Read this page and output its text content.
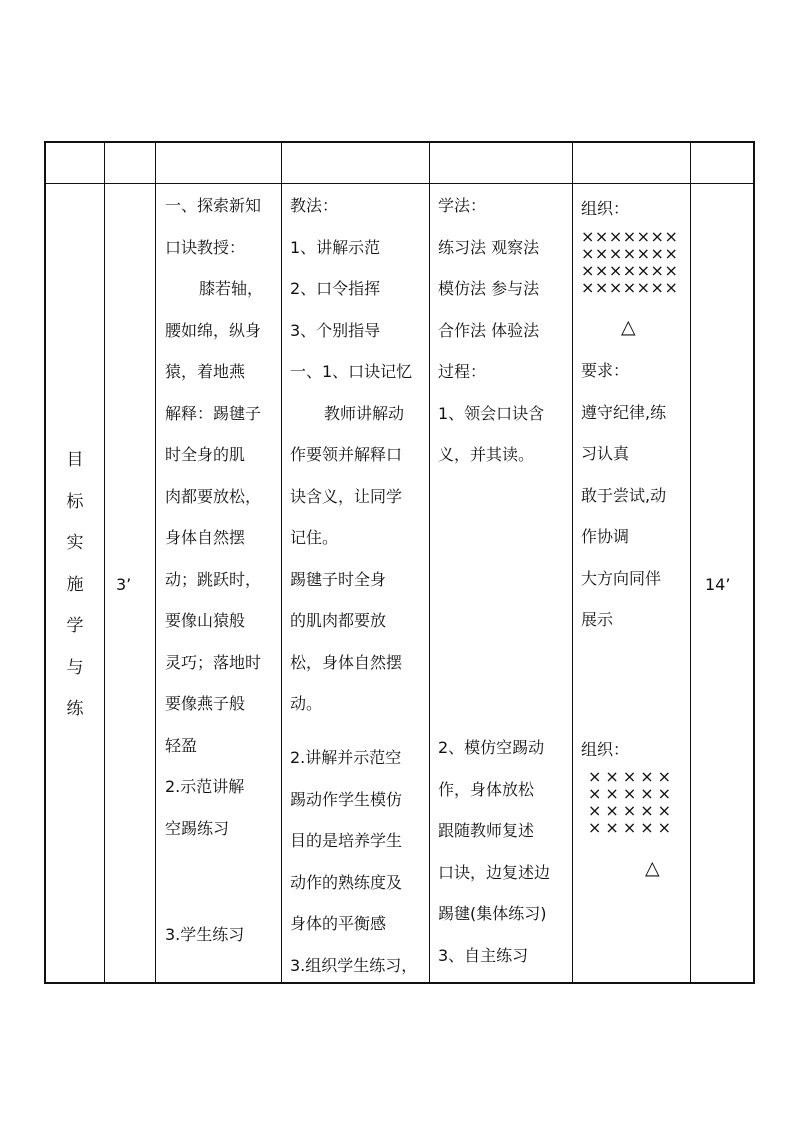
目
标
实
施
学
与
练
3’
一、探索新知
口诀教授：
膝若轴，
腰如绵，纵身
猿，着地燕
解释：踢毽子
时全身的肌
肉都要放松，
身体自然摆
动；跳跃时，
要像山猿般
灵巧；落地时
要像燕子般
轻盈
2.示范讲解
空踢练习
3.学生练习
教法：
1、讲解示范
2、口令指挥
3、个别指导
一、1、口诀记忆
教师讲解动
作要领并解释口
诀含义，让同学
记住。
踢毽子时全身
的肌肉都要放
松，身体自然摆
动。
2.讲解并示范空
踢动作学生模仿
目的是培养学生
动作的熟练度及
身体的平衡感
3.组织学生练习，
学法：
练习法 观察法
模仿法 参与法
合作法 体验法
过程：
1、领会口诀含
义，并其读。
2、模仿空踢动
作，身体放松
跟随教师复述
口诀，边复述边
踢毽(集体练习)
3、自主练习
组织：
×××××××
×××××××
×××××××
×××××××
△
要求：
遵守纪律,练
习认真
敢于尝试,动
作协调
大方向同伴
展示
组织：
×××××
×××××
×××××
×××××
△
14’
